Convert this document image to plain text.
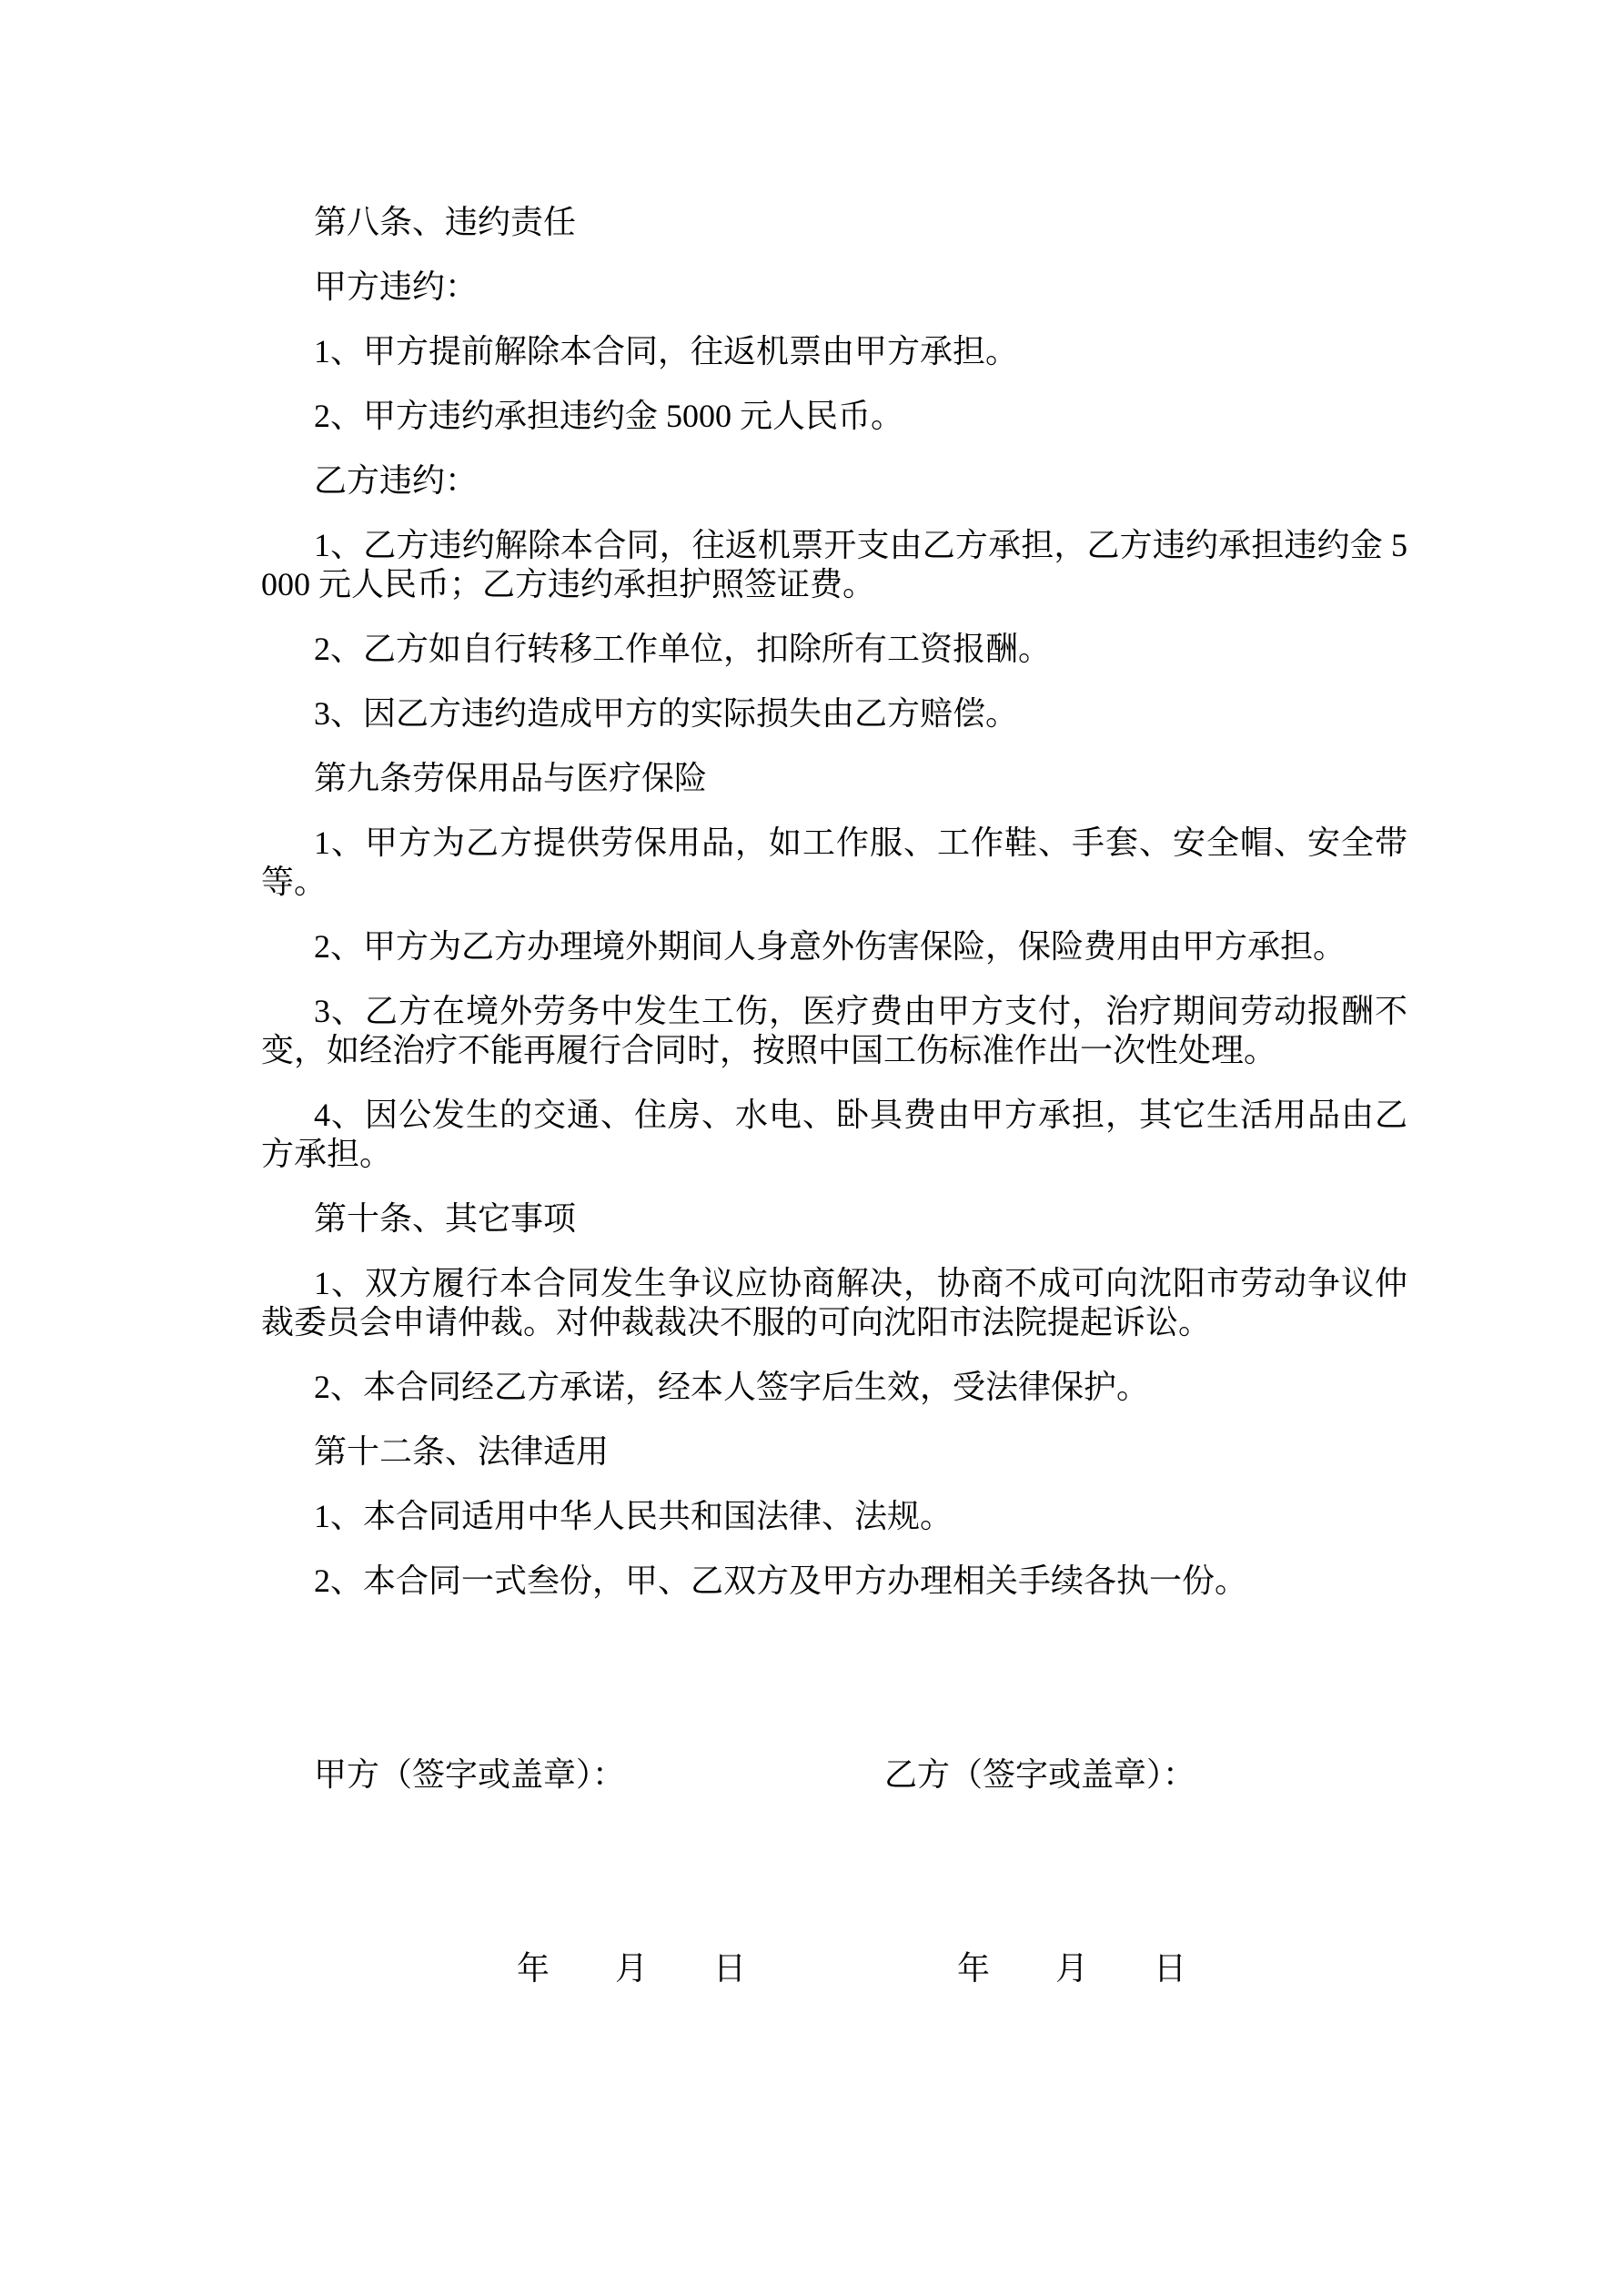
第八条、违约责任

甲方违约：

1、甲方提前解除本合同，往返机票由甲方承担。

2、甲方违约承担违约金 5000 元人民币。

乙方违约：

1、乙方违约解除本合同，往返机票开支由乙方承担，乙方违约承担违约金 5000 元人民币；乙方违约承担护照签证费。

2、乙方如自行转移工作单位，扣除所有工资报酬。

3、因乙方违约造成甲方的实际损失由乙方赔偿。

第九条劳保用品与医疗保险

1、甲方为乙方提供劳保用品，如工作服、工作鞋、手套、安全帽、安全带等。

2、甲方为乙方办理境外期间人身意外伤害保险，保险费用由甲方承担。

3、乙方在境外劳务中发生工伤，医疗费由甲方支付，治疗期间劳动报酬不变，如经治疗不能再履行合同时，按照中国工伤标准作出一次性处理。

4、因公发生的交通、住房、水电、卧具费由甲方承担，其它生活用品由乙方承担。

第十条、其它事项

1、双方履行本合同发生争议应协商解决，协商不成可向沈阳市劳动争议仲裁委员会申请仲裁。对仲裁裁决不服的可向沈阳市法院提起诉讼。

2、本合同经乙方承诺，经本人签字后生效，受法律保护。

第十二条、法律适用

1、本合同适用中华人民共和国法律、法规。

2、本合同一式叁份，甲、乙双方及甲方办理相关手续各执一份。

甲方（签字或盖章）：	乙方（签字或盖章）：

年　　月　　日	年　　月　　日
